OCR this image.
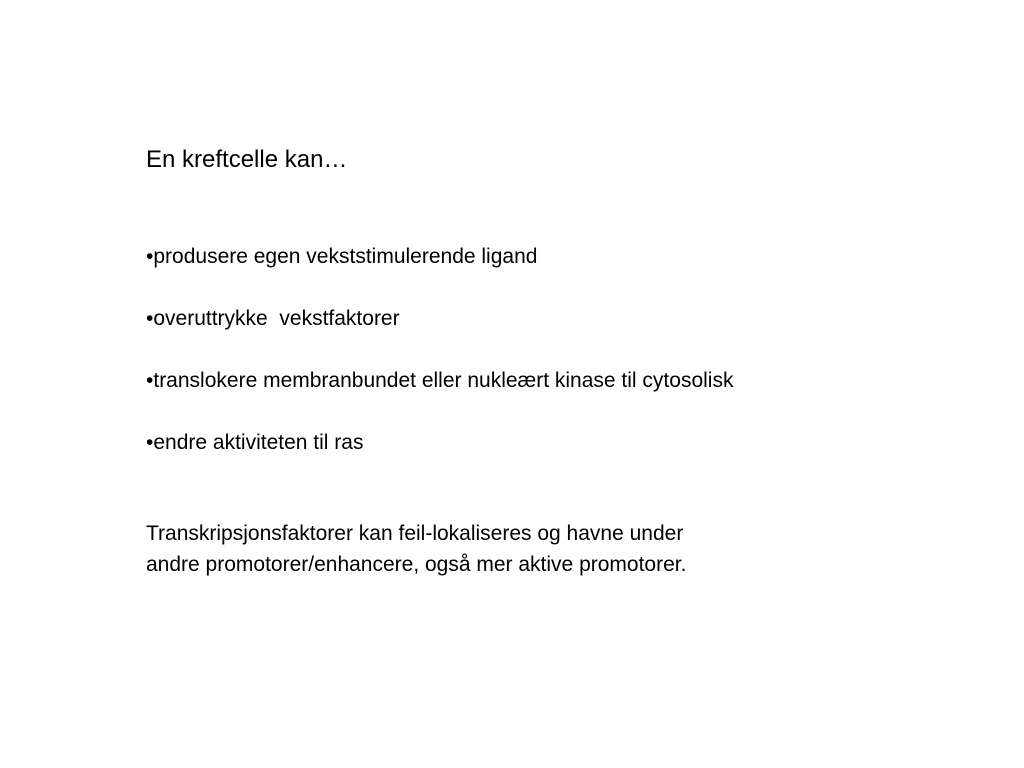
En kreftcelle kan…
•produsere egen vekststimulerende ligand
•overuttrykke  vekstfaktorer
•translokere membranbundet eller nukleært kinase til cytosolisk
•endre aktiviteten til ras

Transkripsjonsfaktorer kan feil-lokaliseres og havne under
andre promotorer/enhancere, også mer aktive promotorer.
